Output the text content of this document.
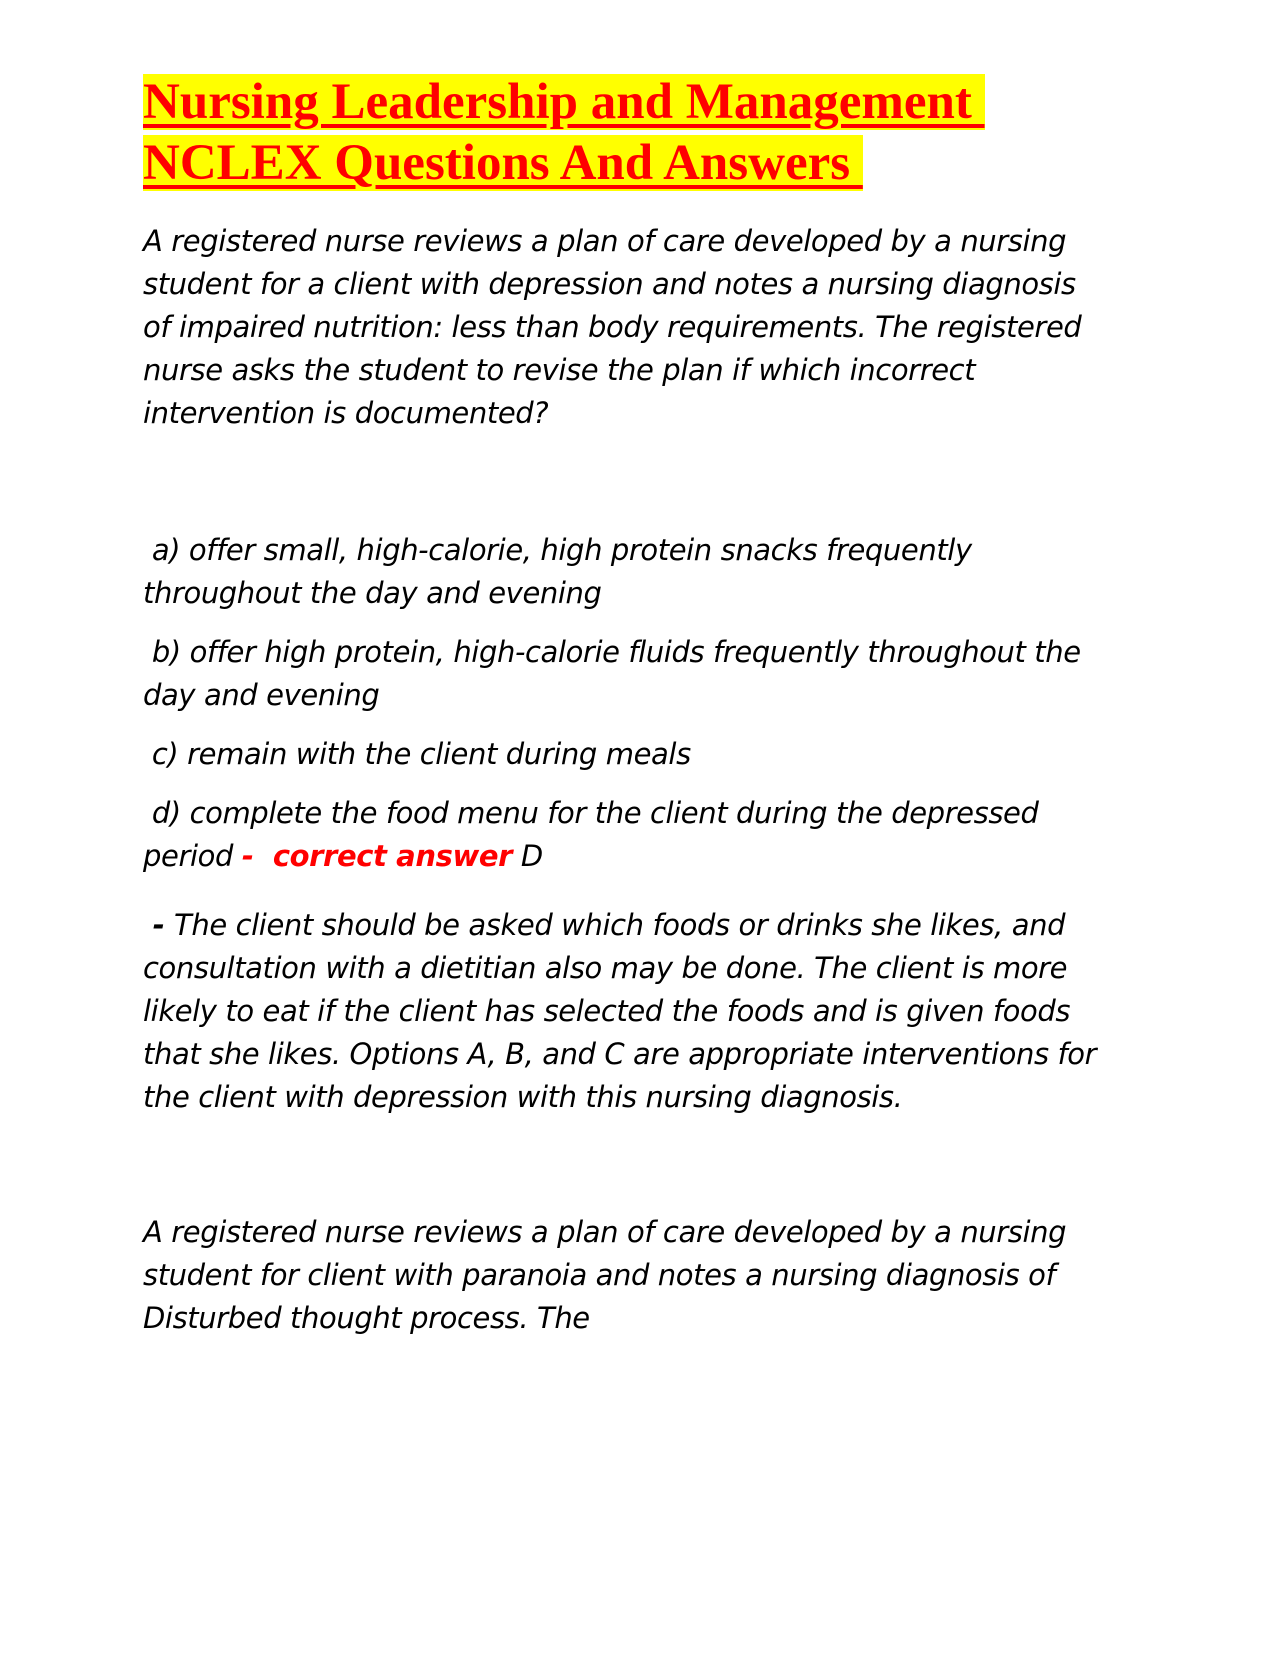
Nursing Leadership and Management
NCLEX Questions And Answers

A registered nurse reviews a plan of care developed by a nursing student for a client with depression and notes a nursing diagnosis of impaired nutrition: less than body requirements. The registered nurse asks the student to revise the plan if which incorrect intervention is documented?

a) offer small, high-calorie, high protein snacks frequently throughout the day and evening

b) offer high protein, high-calorie fluids frequently throughout the day and evening

c) remain with the client during meals

d) complete the food menu for the client during the depressed period -  correct answer D

- The client should be asked which foods or drinks she likes, and consultation with a dietitian also may be done. The client is more likely to eat if the client has selected the foods and is given foods that she likes. Options A, B, and C are appropriate interventions for the client with depression with this nursing diagnosis.

A registered nurse reviews a plan of care developed by a nursing student for client with paranoia and notes a nursing diagnosis of Disturbed thought process. The
